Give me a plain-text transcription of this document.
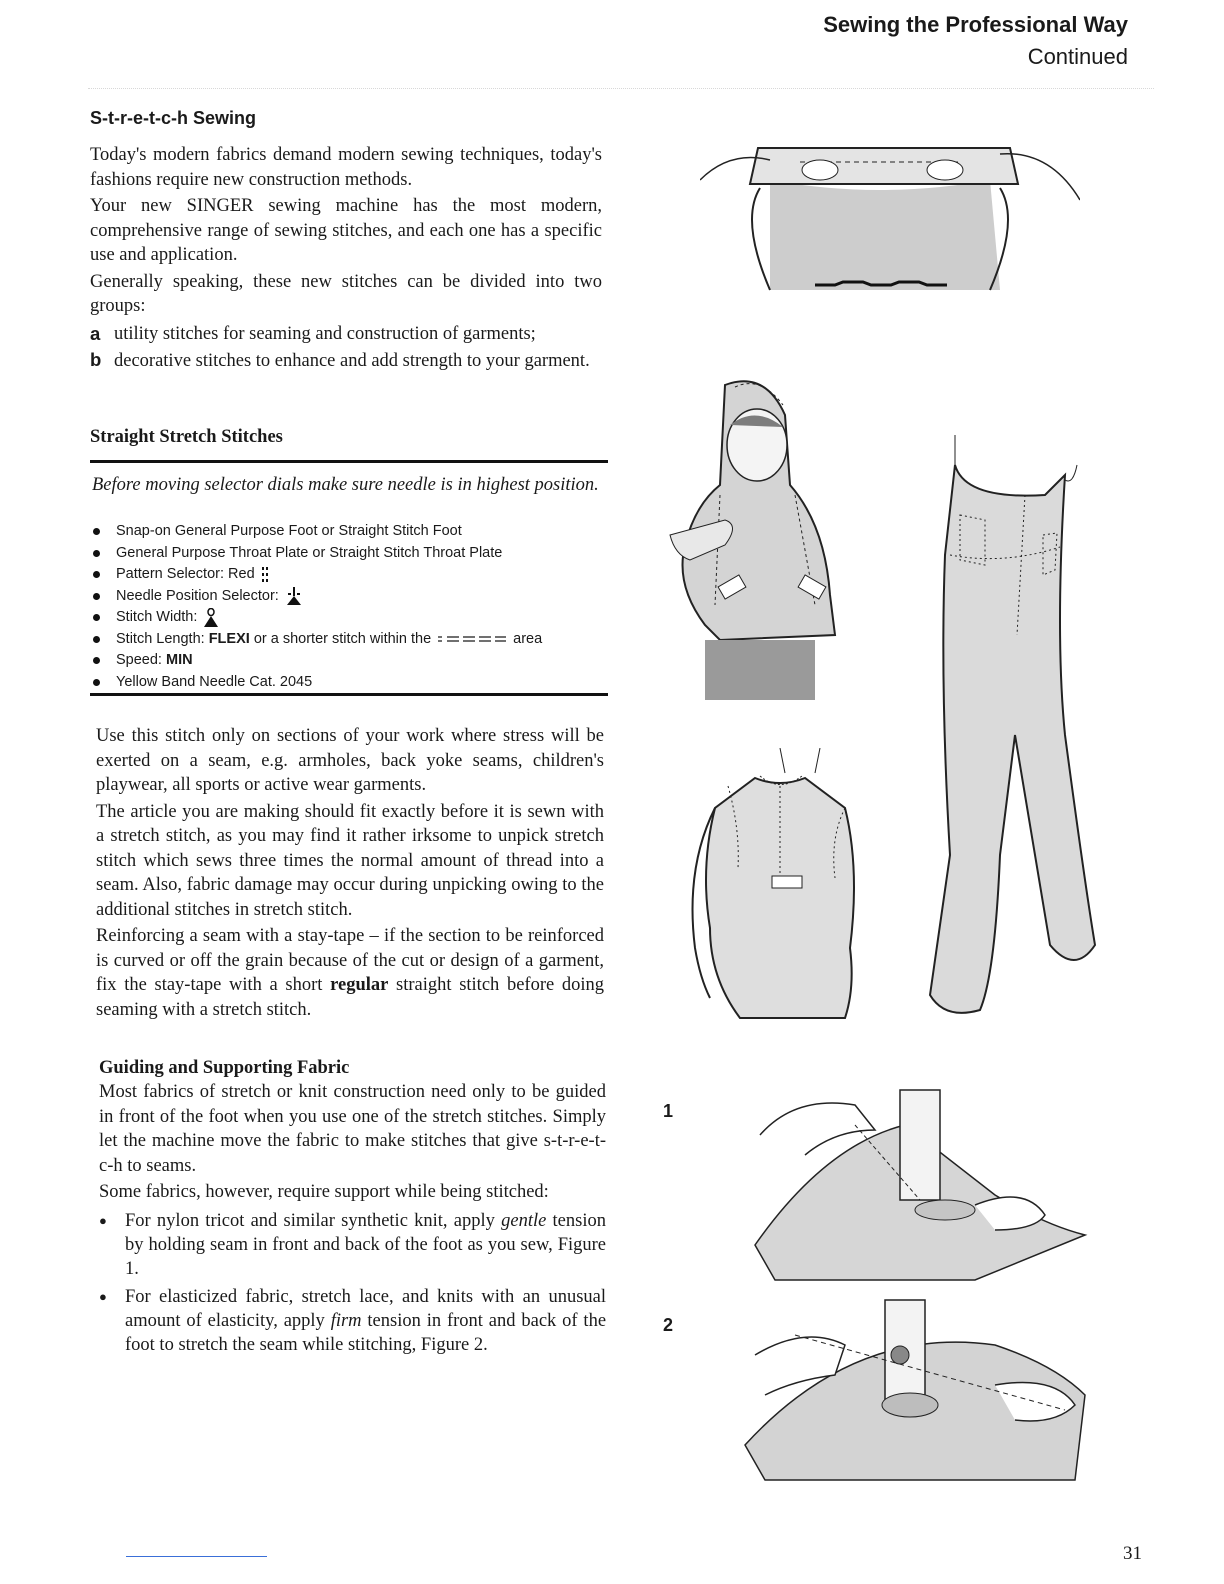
Sewing the Professional Way
Continued
S-t-r-e-t-c-h Sewing

Today's modern fabrics demand modern sewing techniques, today's fashions require new construction methods.

Your new SINGER sewing machine has the most modern, comprehensive range of sewing stitches, and each one has a specific use and application.

Generally speaking, these new stitches can be divided into two groups:

a utility stitches for seaming and construction of garments;
b decorative stitches to enhance and add strength to your garment.
Straight Stretch Stitches
Before moving selector dials make sure needle is in highest position.
Snap-on General Purpose Foot or Straight Stitch Foot
General Purpose Throat Plate or Straight Stitch Throat Plate
Pattern Selector: Red
Needle Position Selector:
Stitch Width:
Stitch Length:
FLEXI
or a shorter stitch within the	area
Speed:
MIN
Yellow Band Needle Cat. 2045

Use this stitch only on sections of your work where stress will be exerted on a seam, e.g. armholes, back yoke seams, children's playwear, all sports or active wear garments.

The article you are making should fit exactly before it is sewn with a stretch stitch, as you may find it rather irksome to unpick stretch stitch which sews three times the normal amount of thread into a seam. Also, fabric damage may occur during unpicking owing to the additional stitches in stretch stitch.

Reinforcing a seam with a stay-tape – if the section to be reinforced is curved or off the grain because of the cut or design of a garment, fix the stay-tape with a short regular straight stitch before doing seaming with a stretch stitch.

Guiding and Supporting Fabric

Most fabrics of stretch or knit construction need only to be guided in front of the foot when you use one of the stretch stitches. Simply let the machine move the fabric to make stitches that give s-t-r-e-t-c-h to seams.

Some fabrics, however, require support while being stitched:

● For nylon tricot and similar synthetic knit, apply gentle tension by holding seam in front and back of the foot as you sew, Figure 1.
● For elasticized fabric, stretch lace, and knits with an unusual amount of elasticity, apply firm tension in front and back of the foot to stretch the seam while stitching, Figure 2.
1
2
31
